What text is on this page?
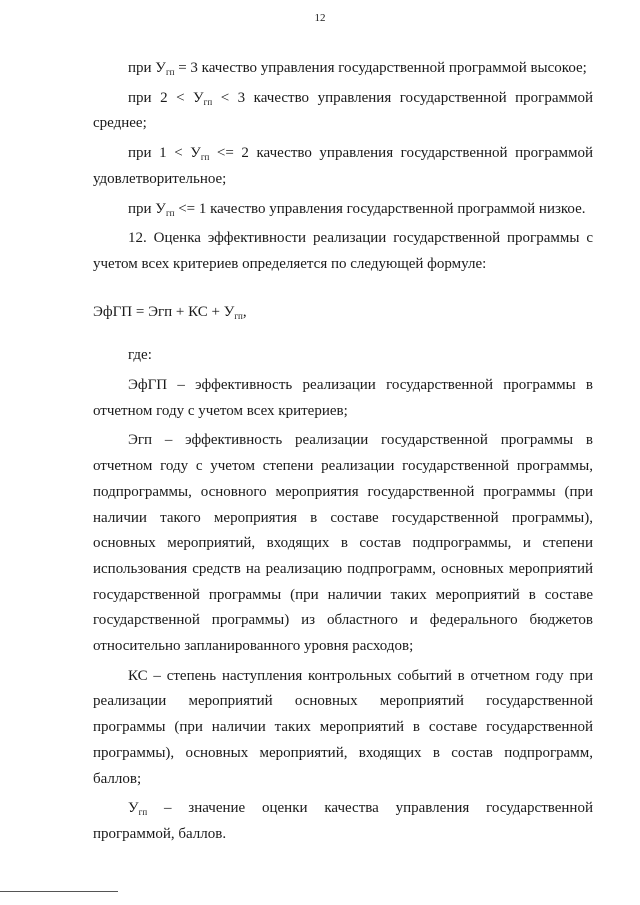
12

при $У_{гп} = 3$ качество управления государственной программой высокое;

при $2 < У_{гп} < 3$ качество управления государственной программой среднее;

при $1 < У_{гп} <= 2$ качество управления государственной программой удовлетворительное;

при $У_{гп} <= 1$ качество управления государственной программой низкое.

12. Оценка эффективности реализации государственной программы с учетом всех критериев определяется по следующей формуле:

ЭфГП = Эгп + КС + $У_{гп}$,

где:

ЭфГП – эффективность реализации государственной программы в отчетном году с учетом всех критериев;

Эгп – эффективность реализации государственной программы в отчетном году с учетом степени реализации государственной программы, подпрограммы, основного мероприятия государственной программы (при наличии такого мероприятия в составе государственной программы), основных мероприятий, входящих в состав подпрограммы, и степени использования средств на реализацию подпрограмм, основных мероприятий государственной программы (при наличии таких мероприятий в составе государственной программы) из областного и федерального бюджетов относительно запланированного уровня расходов;

КС – степень наступления контрольных событий в отчетном году при реализации мероприятий основных мероприятий государственной программы (при наличии таких мероприятий в составе государственной программы), основных мероприятий, входящих в состав подпрограмм, баллов;

$У_{гп}$ – значение оценки качества управления государственной программой, баллов.
